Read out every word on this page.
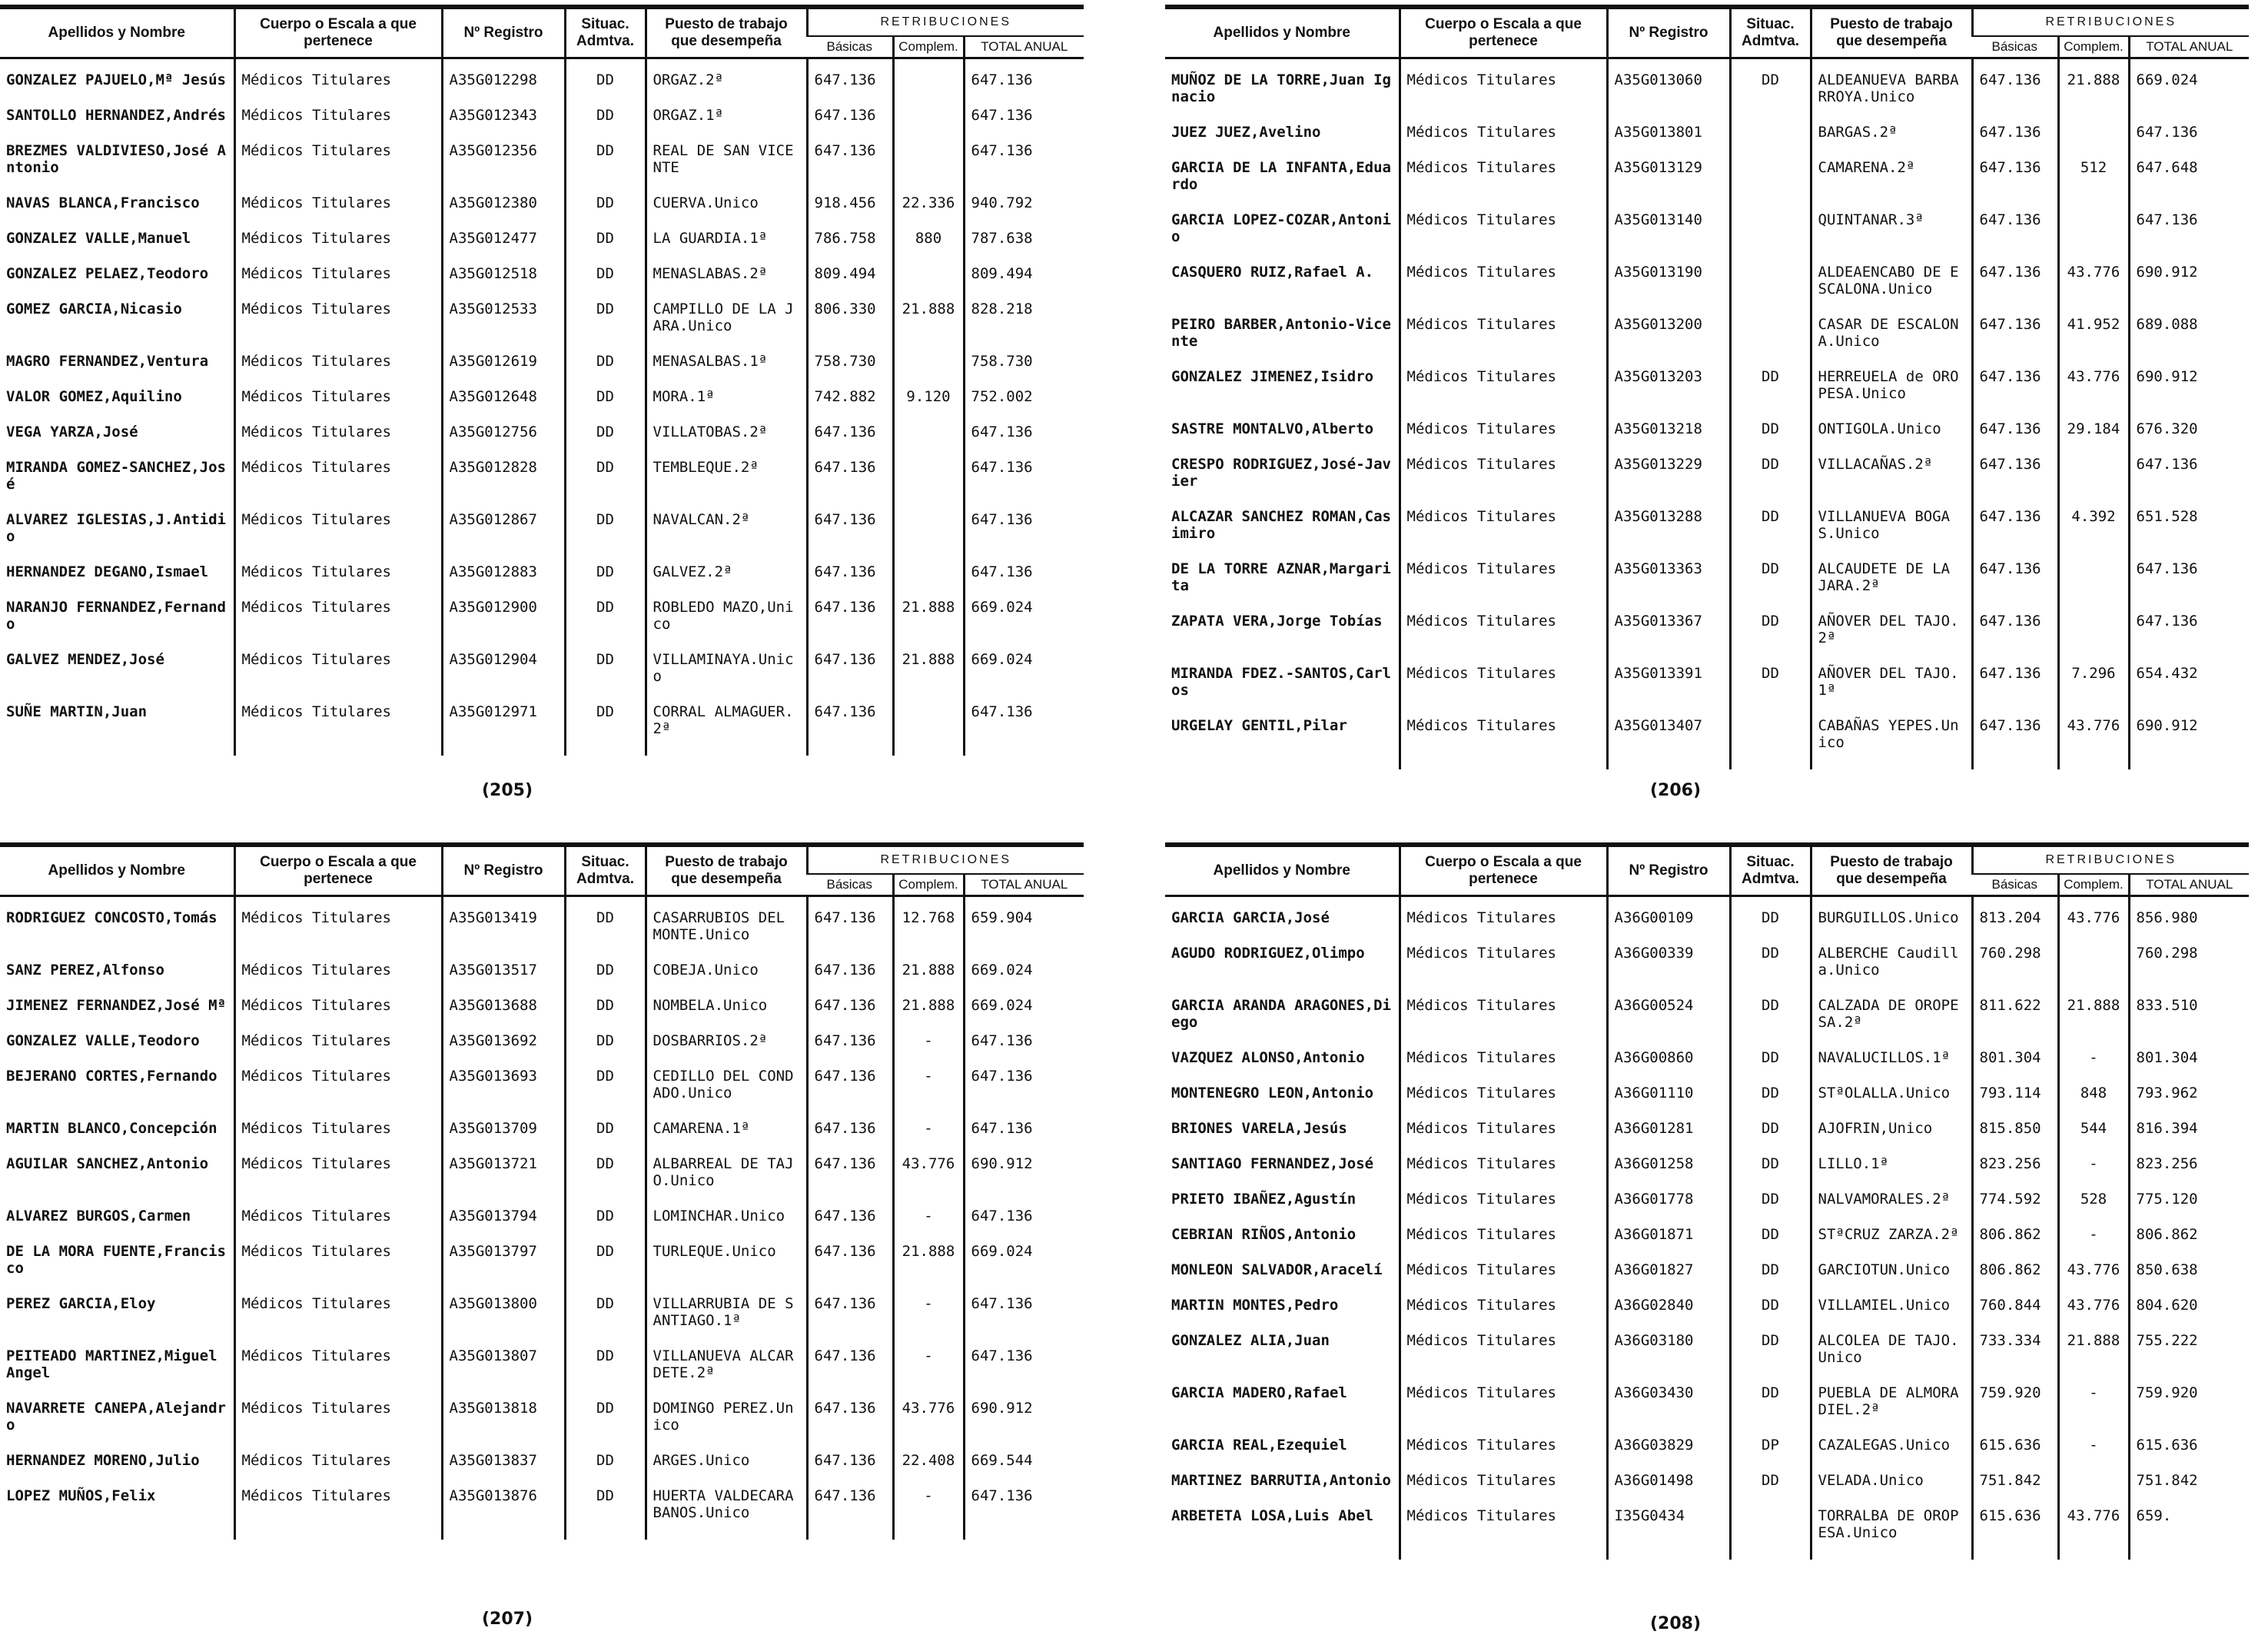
Apellidos y Nombre	Cuerpo o Escala a que pertenece	Nº Registro	Situac. Admtva.	Puesto de trabajo que desempeña	RETRIBUCIONES		
					Básicas	Complem.	TOTAL ANUAL
GONZALEZ PAJUELO,Mª Jesús	Médicos Titulares	A35G012298	DD	ORGAZ.2ª	647.136		647.136
SANTOLLO HERNANDEZ,Andrés	Médicos Titulares	A35G012343	DD	ORGAZ.1ª	647.136		647.136
BREZMES VALDIVIESO,José Antonio	Médicos Titulares	A35G012356	DD	REAL DE SAN VICENTE	647.136		647.136
NAVAS BLANCA,Francisco	Médicos Titulares	A35G012380	DD	CUERVA.Unico	918.456	22.336	940.792
GONZALEZ VALLE,Manuel	Médicos Titulares	A35G012477	DD	LA GUARDIA.1ª	786.758	880	787.638
GONZALEZ PELAEZ,Teodoro	Médicos Titulares	A35G012518	DD	MENASLABAS.2ª	809.494		809.494
GOMEZ GARCIA,Nicasio	Médicos Titulares	A35G012533	DD	CAMPILLO DE LA JARA.Unico	806.330	21.888	828.218
MAGRO FERNANDEZ,Ventura	Médicos Titulares	A35G012619	DD	MENASALBAS.1ª	758.730		758.730
VALOR GOMEZ,Aquilino	Médicos Titulares	A35G012648	DD	MORA.1ª	742.882	9.120	752.002
VEGA YARZA,José	Médicos Titulares	A35G012756	DD	VILLATOBAS.2ª	647.136		647.136
MIRANDA GOMEZ-SANCHEZ,José	Médicos Titulares	A35G012828	DD	TEMBLEQUE.2ª	647.136		647.136
ALVAREZ IGLESIAS,J.Antidio	Médicos Titulares	A35G012867	DD	NAVALCAN.2ª	647.136		647.136
HERNANDEZ DEGANO,Ismael	Médicos Titulares	A35G012883	DD	GALVEZ.2ª	647.136		647.136
NARANJO FERNANDEZ,Fernando	Médicos Titulares	A35G012900	DD	ROBLEDO MAZO,Unico	647.136	21.888	669.024
GALVEZ MENDEZ,José	Médicos Titulares	A35G012904	DD	VILLAMINAYA.Unico	647.136	21.888	669.024
SUÑE MARTIN,Juan	Médicos Titulares	A35G012971	DD	CORRAL ALMAGUER.2ª	647.136		647.136
Apellidos y Nombre	Cuerpo o Escala a que pertenece	Nº Registro	Situac. Admtva.	Puesto de trabajo que desempeña	RETRIBUCIONES		
					Básicas	Complem.	TOTAL ANUAL
MUÑOZ DE LA TORRE,Juan Ignacio	Médicos Titulares	A35G013060	DD	ALDEANUEVA BARBARROYA.Unico	647.136	21.888	669.024
JUEZ JUEZ,Avelino	Médicos Titulares	A35G013801		BARGAS.2ª	647.136		647.136
GARCIA DE LA INFANTA,Eduardo	Médicos Titulares	A35G013129		CAMARENA.2ª	647.136	512	647.648
GARCIA LOPEZ-COZAR,Antonio	Médicos Titulares	A35G013140		QUINTANAR.3ª	647.136		647.136
CASQUERO RUIZ,Rafael A.	Médicos Titulares	A35G013190		ALDEAENCABO DE ESCALONA.Unico	647.136	43.776	690.912
PEIRO BARBER,Antonio-Vicente	Médicos Titulares	A35G013200		CASAR DE ESCALONA.Unico	647.136	41.952	689.088
GONZALEZ JIMENEZ,Isidro	Médicos Titulares	A35G013203	DD	HERREUELA de OROPESA.Unico	647.136	43.776	690.912
SASTRE MONTALVO,Alberto	Médicos Titulares	A35G013218	DD	ONTIGOLA.Unico	647.136	29.184	676.320
CRESPO RODRIGUEZ,José-Javier	Médicos Titulares	A35G013229	DD	VILLACAÑAS.2ª	647.136		647.136
ALCAZAR SANCHEZ ROMAN,Casimiro	Médicos Titulares	A35G013288	DD	VILLANUEVA BOGAS.Unico	647.136	4.392	651.528
DE LA TORRE AZNAR,Margarita	Médicos Titulares	A35G013363	DD	ALCAUDETE DE LA JARA.2ª	647.136		647.136
ZAPATA VERA,Jorge Tobías	Médicos Titulares	A35G013367	DD	AÑOVER DEL TAJO.2ª	647.136		647.136
MIRANDA FDEZ.-SANTOS,Carlos	Médicos Titulares	A35G013391	DD	AÑOVER DEL TAJO.1ª	647.136	7.296	654.432
URGELAY GENTIL,Pilar	Médicos Titulares	A35G013407		CABAÑAS YEPES.Unico	647.136	43.776	690.912
Apellidos y Nombre	Cuerpo o Escala a que pertenece	Nº Registro	Situac. Admtva.	Puesto de trabajo que desempeña	RETRIBUCIONES		
					Básicas	Complem.	TOTAL ANUAL
RODRIGUEZ CONCOSTO,Tomás	Médicos Titulares	A35G013419	DD	CASARRUBIOS DEL MONTE.Unico	647.136	12.768	659.904
SANZ PEREZ,Alfonso	Médicos Titulares	A35G013517	DD	COBEJA.Unico	647.136	21.888	669.024
JIMENEZ FERNANDEZ,José Mª	Médicos Titulares	A35G013688	DD	NOMBELA.Unico	647.136	21.888	669.024
GONZALEZ VALLE,Teodoro	Médicos Titulares	A35G013692	DD	DOSBARRIOS.2ª	647.136	-	647.136
BEJERANO CORTES,Fernando	Médicos Titulares	A35G013693	DD	CEDILLO DEL CONDADO.Unico	647.136	-	647.136
MARTIN BLANCO,Concepción	Médicos Titulares	A35G013709	DD	CAMARENA.1ª	647.136	-	647.136
AGUILAR SANCHEZ,Antonio	Médicos Titulares	A35G013721	DD	ALBARREAL DE TAJO.Unico	647.136	43.776	690.912
ALVAREZ BURGOS,Carmen	Médicos Titulares	A35G013794	DD	LOMINCHAR.Unico	647.136	-	647.136
DE LA MORA FUENTE,Francisco	Médicos Titulares	A35G013797	DD	TURLEQUE.Unico	647.136	21.888	669.024
PEREZ GARCIA,Eloy	Médicos Titulares	A35G013800	DD	VILLARRUBIA DE SANTIAGO.1ª	647.136	-	647.136
PEITEADO MARTINEZ,Miguel Angel	Médicos Titulares	A35G013807	DD	VILLANUEVA ALCARDETE.2ª	647.136	-	647.136
NAVARRETE CANEPA,Alejandro	Médicos Titulares	A35G013818	DD	DOMINGO PEREZ.Unico	647.136	43.776	690.912
HERNANDEZ MORENO,Julio	Médicos Titulares	A35G013837	DD	ARGES.Unico	647.136	22.408	669.544
LOPEZ MUÑOS,Felix	Médicos Titulares	A35G013876	DD	HUERTA VALDECARABANOS.Unico	647.136	-	647.136
Apellidos y Nombre	Cuerpo o Escala a que pertenece	Nº Registro	Situac. Admtva.	Puesto de trabajo que desempeña	RETRIBUCIONES		
					Básicas	Complem.	TOTAL ANUAL
GARCIA GARCIA,José	Médicos Titulares	A36G00109	DD	BURGUILLOS.Unico	813.204	43.776	856.980
AGUDO RODRIGUEZ,Olimpo	Médicos Titulares	A36G00339	DD	ALBERCHE Caudilla.Unico	760.298		760.298
GARCIA ARANDA ARAGONES,Diego	Médicos Titulares	A36G00524	DD	CALZADA DE OROPESA.2ª	811.622	21.888	833.510
VAZQUEZ ALONSO,Antonio	Médicos Titulares	A36G00860	DD	NAVALUCILLOS.1ª	801.304	-	801.304
MONTENEGRO LEON,Antonio	Médicos Titulares	A36G01110	DD	STªOLALLA.Unico	793.114	848	793.962
BRIONES VARELA,Jesús	Médicos Titulares	A36G01281	DD	AJOFRIN,Unico	815.850	544	816.394
SANTIAGO FERNANDEZ,José	Médicos Titulares	A36G01258	DD	LILLO.1ª	823.256	-	823.256
PRIETO IBAÑEZ,Agustín	Médicos Titulares	A36G01778	DD	NALVAMORALES.2ª	774.592	528	775.120
CEBRIAN RIÑOS,Antonio	Médicos Titulares	A36G01871	DD	STªCRUZ ZARZA.2ª	806.862	-	806.862
MONLEON SALVADOR,Aracelí	Médicos Titulares	A36G01827	DD	GARCIOTUN.Unico	806.862	43.776	850.638
MARTIN MONTES,Pedro	Médicos Titulares	A36G02840	DD	VILLAMIEL.Unico	760.844	43.776	804.620
GONZALEZ ALIA,Juan	Médicos Titulares	A36G03180	DD	ALCOLEA DE TAJO.Unico	733.334	21.888	755.222
GARCIA MADERO,Rafael	Médicos Titulares	A36G03430	DD	PUEBLA DE ALMORADIEL.2ª	759.920	-	759.920
GARCIA REAL,Ezequiel	Médicos Titulares	A36G03829	DP	CAZALEGAS.Unico	615.636	-	615.636
MARTINEZ BARRUTIA,Antonio	Médicos Titulares	A36G01498	DD	VELADA.Unico	751.842		751.842
ARBETETA LOSA,Luis Abel	Médicos Titulares	I35G0434		TORRALBA DE OROPESA.Unico	615.636	43.776	659.
(205)	(206)
(207)	(208)
